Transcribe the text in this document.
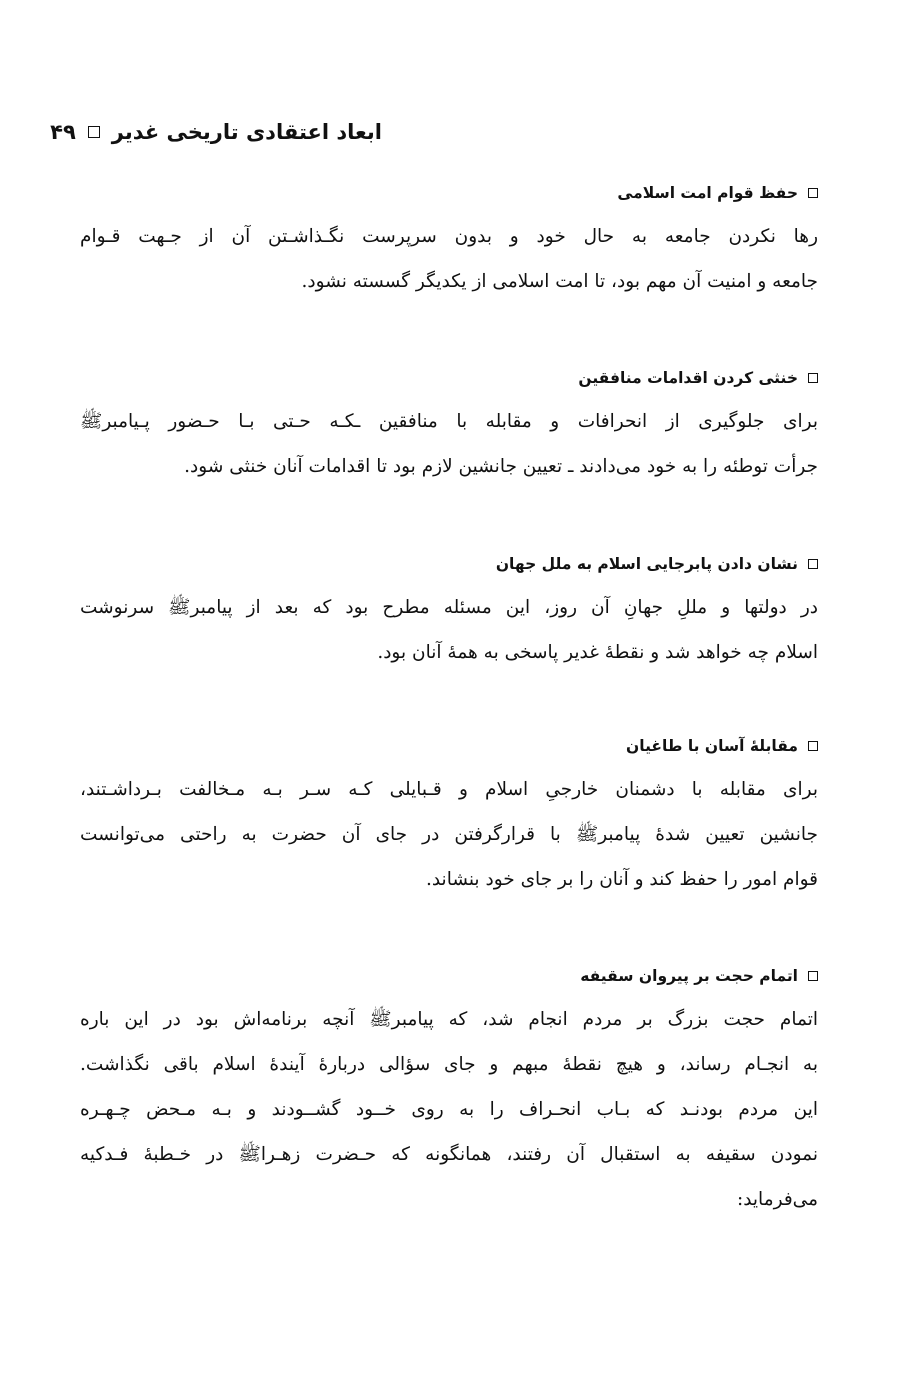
ابعاد اعتقادی تاریخی غدیر
۴۹
حفظ قوام امت اسلامی
رها نکردن جامعه به حال خود و بدون سرپرست نگـذاشـتن آن از جـهت قـوام
جامعه و امنیت آن مهم بود، تا امت اسلامی از یکدیگر گسسته نشود.
خنثی کردن اقدامات منافقین
برای جلوگیری از انحرافات و مقابله با منافقین ـکـه حـتی بـا حـضور پـیامبرﷺ
جرأت توطئه را به خود می‌دادند ـ تعیین جانشین لازم بود تا اقدامات آنان خنثی شود.
نشان دادن پابرجایی اسلام به ملل جهان
در دولتها و مللِ جهانِ آن روز، این مسئله مطرح بود که بعد از پیامبرﷺ سرنوشت
اسلام چه خواهد شد و نقطهٔ غدیر پاسخی به همهٔ آنان بود.
مقابلهٔ آسان با طاغیان
برای مقابله با دشمنان خارجیِ اسلام و قـبایلی کـه سـر بـه مـخالفت بـرداشـتند،
جانشین تعیین شدهٔ پیامبرﷺ با قرارگرفتن در جای آن حضرت به راحتی می‌توانست
قوام امور را حفظ کند و آنان را بر جای خود بنشاند.
اتمام حجت بر پیروان سقیفه
اتمام حجت بزرگ بر مردم انجام شد، که پیامبرﷺ آنچه برنامه‌اش بود در این باره
به انجـام رساند، و هیچ نقطهٔ مبهم و جای سؤالی دربارهٔ آیندهٔ اسلام باقی نگذاشت.
این مردم بودنـد که بـاب انحـراف را به روی خــود گشــودند و بـه مـحض چـهـره
نمودن سقیفه به استقبال آن رفتند، همانگونه که حـضرت زهـراﷺ در خـطبهٔ فـدکیه
می‌فرماید:
